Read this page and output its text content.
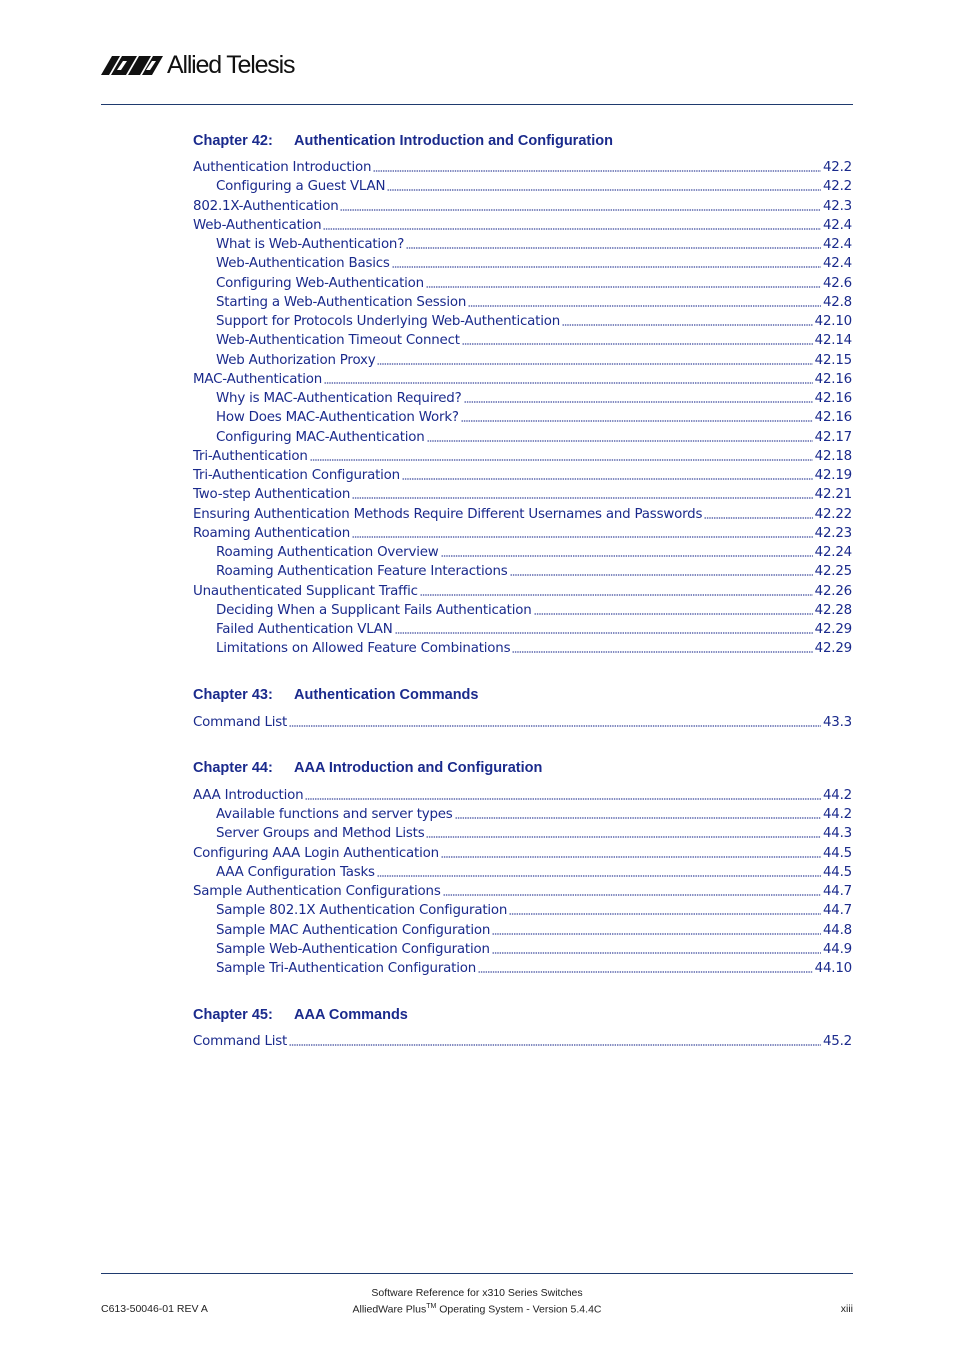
Allied Telesis
Chapter 42:	Authentication Introduction and Configuration
Authentication Introduction	42.2
Configuring a Guest VLAN	42.2
802.1X-Authentication	42.3
Web-Authentication	42.4
What is Web-Authentication?	42.4
Web-Authentication Basics	42.4
Configuring Web-Authentication	42.6
Starting a Web-Authentication Session	42.8
Support for Protocols Underlying Web-Authentication	42.10
Web-Authentication Timeout Connect	42.14
Web Authorization Proxy	42.15
MAC-Authentication	42.16
Why is MAC-Authentication Required?	42.16
How Does MAC-Authentication Work?	42.16
Configuring MAC-Authentication	42.17
Tri-Authentication	42.18
Tri-Authentication Configuration	42.19
Two-step Authentication	42.21
Ensuring Authentication Methods Require Different Usernames and Passwords	42.22
Roaming Authentication	42.23
Roaming Authentication Overview	42.24
Roaming Authentication Feature Interactions	42.25
Unauthenticated Supplicant Traffic	42.26
Deciding When a Supplicant Fails Authentication	42.28
Failed Authentication VLAN	42.29
Limitations on Allowed Feature Combinations	42.29
Chapter 43:	Authentication Commands
Command List	43.3
Chapter 44:	AAA Introduction and Configuration
AAA Introduction	44.2
Available functions and server types	44.2
Server Groups and Method Lists	44.3
Configuring AAA Login Authentication	44.5
AAA Configuration Tasks	44.5
Sample Authentication Configurations	44.7
Sample 802.1X Authentication Configuration	44.7
Sample MAC Authentication Configuration	44.8
Sample Web-Authentication Configuration	44.9
Sample Tri-Authentication Configuration	44.10
Chapter 45:	AAA Commands
Command List	45.2
Software Reference for x310 Series Switches
AlliedWare Plus™ Operating System - Version 5.4.4C
C613-50046-01 REV A	xiii
